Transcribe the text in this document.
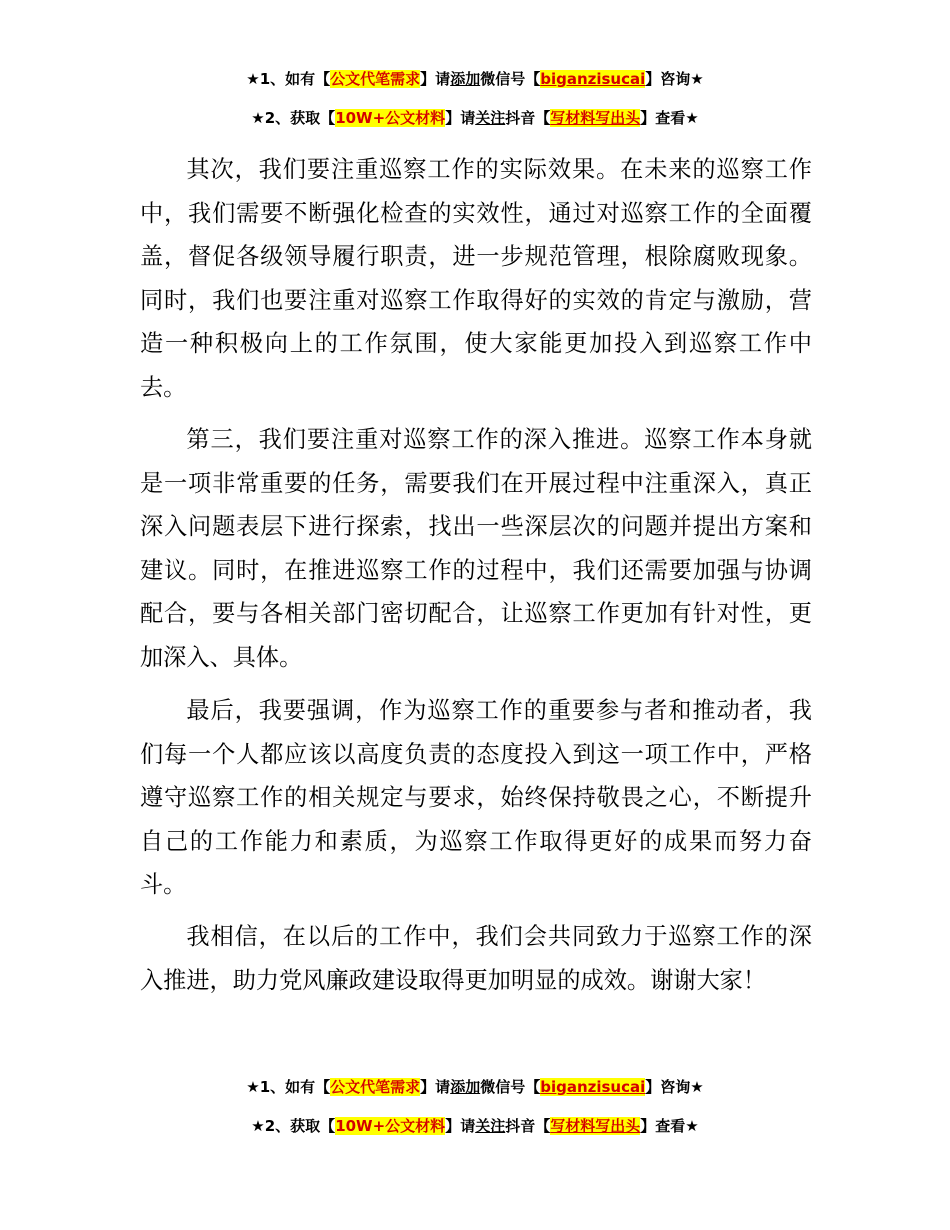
★1、如有【公文代笔需求】请添加微信号【biganzisucai】咨询★
★2、获取【10W+公文材料】请关注抖音【写材料写出头】查看★

其次，我们要注重巡察工作的实际效果。在未来的巡察工作中，我们需要不断强化检查的实效性，通过对巡察工作的全面覆盖，督促各级领导履行职责，进一步规范管理，根除腐败现象。同时，我们也要注重对巡察工作取得好的实效的肯定与激励，营造一种积极向上的工作氛围，使大家能更加投入到巡察工作中去。

第三，我们要注重对巡察工作的深入推进。巡察工作本身就是一项非常重要的任务，需要我们在开展过程中注重深入，真正深入问题表层下进行探索，找出一些深层次的问题并提出方案和建议。同时，在推进巡察工作的过程中，我们还需要加强与协调配合，要与各相关部门密切配合，让巡察工作更加有针对性，更加深入、具体。

最后，我要强调，作为巡察工作的重要参与者和推动者，我们每一个人都应该以高度负责的态度投入到这一项工作中，严格遵守巡察工作的相关规定与要求，始终保持敬畏之心，不断提升自己的工作能力和素质，为巡察工作取得更好的成果而努力奋斗。

我相信，在以后的工作中，我们会共同致力于巡察工作的深入推进，助力党风廉政建设取得更加明显的成效。谢谢大家！

★1、如有【公文代笔需求】请添加微信号【biganzisucai】咨询★
★2、获取【10W+公文材料】请关注抖音【写材料写出头】查看★
